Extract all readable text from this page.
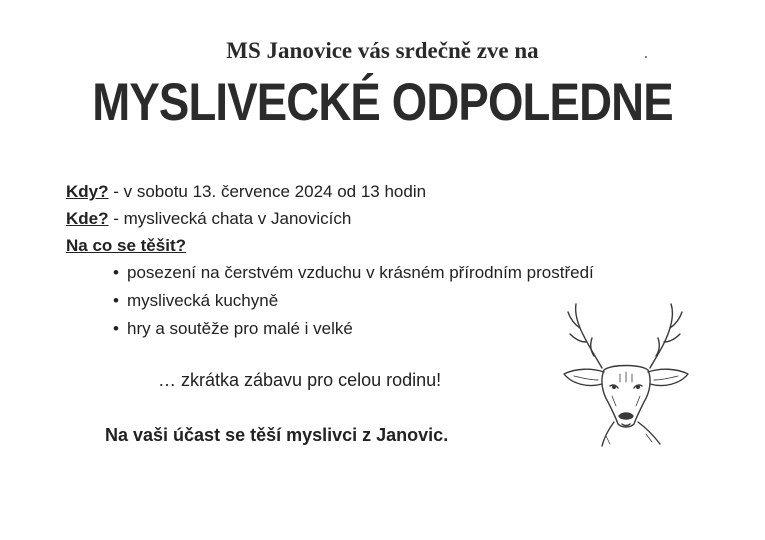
MS Janovice vás srdečně zve na
MYSLIVECKÉ ODPOLEDNE
Kdy? - v sobotu 13. července 2024 od 13 hodin
Kde? - myslivecká chata v Janovicích
Na co se těšit?
• posezení na čerstvém vzduchu v krásném přírodním prostředí
• myslivecká kuchyně
• hry a soutěže pro malé i velké
… zkrátka zábavu pro celou rodinu!
Na vaši účast se těší myslivci z Janovic.
